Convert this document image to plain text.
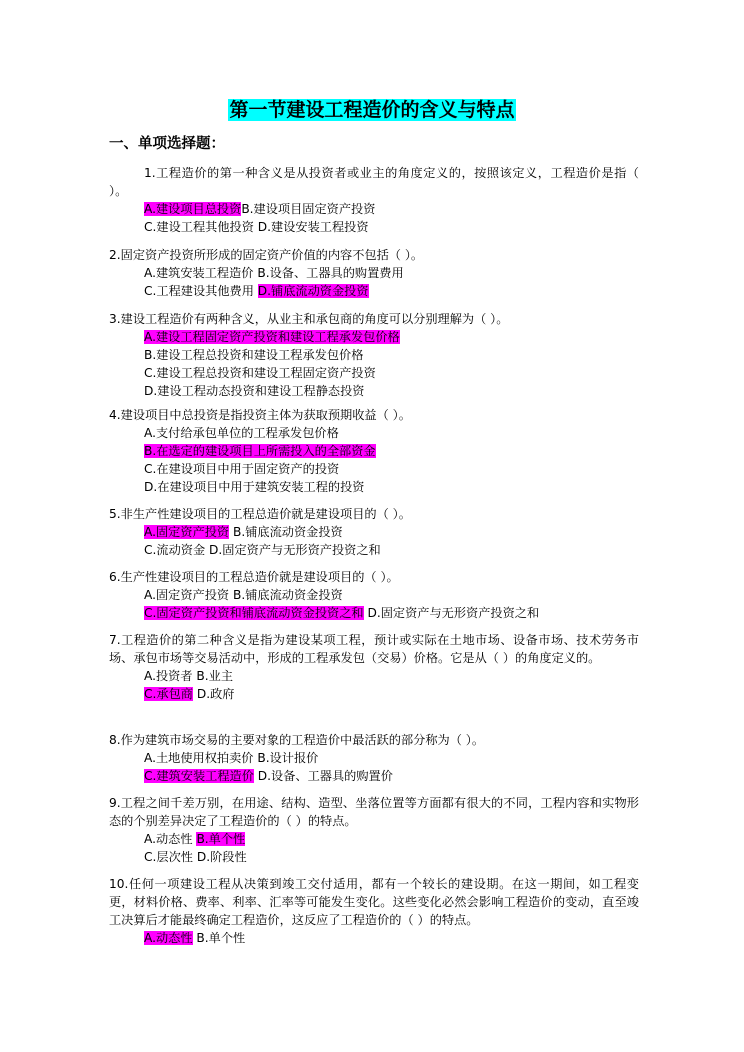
第一节建设工程造价的含义与特点
一、单项选择题：

1.工程造价的第一种含义是从投资者或业主的角度定义的，按照该定义，工程造价是指（ ）。

A.建设项目总投资B.建设项目固定资产投资

C.建设工程其他投资 D.建设安装工程投资

2.固定资产投资所形成的固定资产价值的内容不包括（ ）。

A.建筑安装工程造价 B.设备、工器具的购置费用

C.工程建设其他费用 D.铺底流动资金投资

3.建设工程造价有两种含义，从业主和承包商的角度可以分别理解为（ ）。

A.建设工程固定资产投资和建设工程承发包价格

B.建设工程总投资和建设工程承发包价格

C.建设工程总投资和建设工程固定资产投资

D.建设工程动态投资和建设工程静态投资

4.建设项目中总投资是指投资主体为获取预期收益（ ）。

A.支付给承包单位的工程承发包价格

B.在选定的建设项目上所需投入的全部资金

C.在建设项目中用于固定资产的投资

D.在建设项目中用于建筑安装工程的投资

5.非生产性建设项目的工程总造价就是建设项目的（ ）。

A.固定资产投资 B.铺底流动资金投资

C.流动资金 D.固定资产与无形资产投资之和

6.生产性建设项目的工程总造价就是建设项目的（ ）。

A.固定资产投资 B.铺底流动资金投资

C.固定资产投资和铺底流动资金投资之和 D.固定资产与无形资产投资之和

7.工程造价的第二种含义是指为建设某项工程，预计或实际在土地市场、设备市场、技术劳务市场、承包市场等交易活动中，形成的工程承发包（交易）价格。它是从（ ）的角度定义的。

A.投资者 B.业主

C.承包商 D.政府

8.作为建筑市场交易的主要对象的工程造价中最活跃的部分称为（ ）。

A.土地使用权拍卖价 B.设计报价

C.建筑安装工程造价 D.设备、工器具的购置价

9.工程之间千差万别，在用途、结构、造型、坐落位置等方面都有很大的不同，工程内容和实物形态的个别差异决定了工程造价的（ ）的特点。

A.动态性 B.单个性

C.层次性 D.阶段性

10.任何一项建设工程从决策到竣工交付适用，都有一个较长的建设期。在这一期间，如工程变更，材料价格、费率、利率、汇率等可能发生变化。这些变化必然会影响工程造价的变动，直至竣工决算后才能最终确定工程造价，这反应了工程造价的（ ）的特点。

A.动态性 B.单个性
